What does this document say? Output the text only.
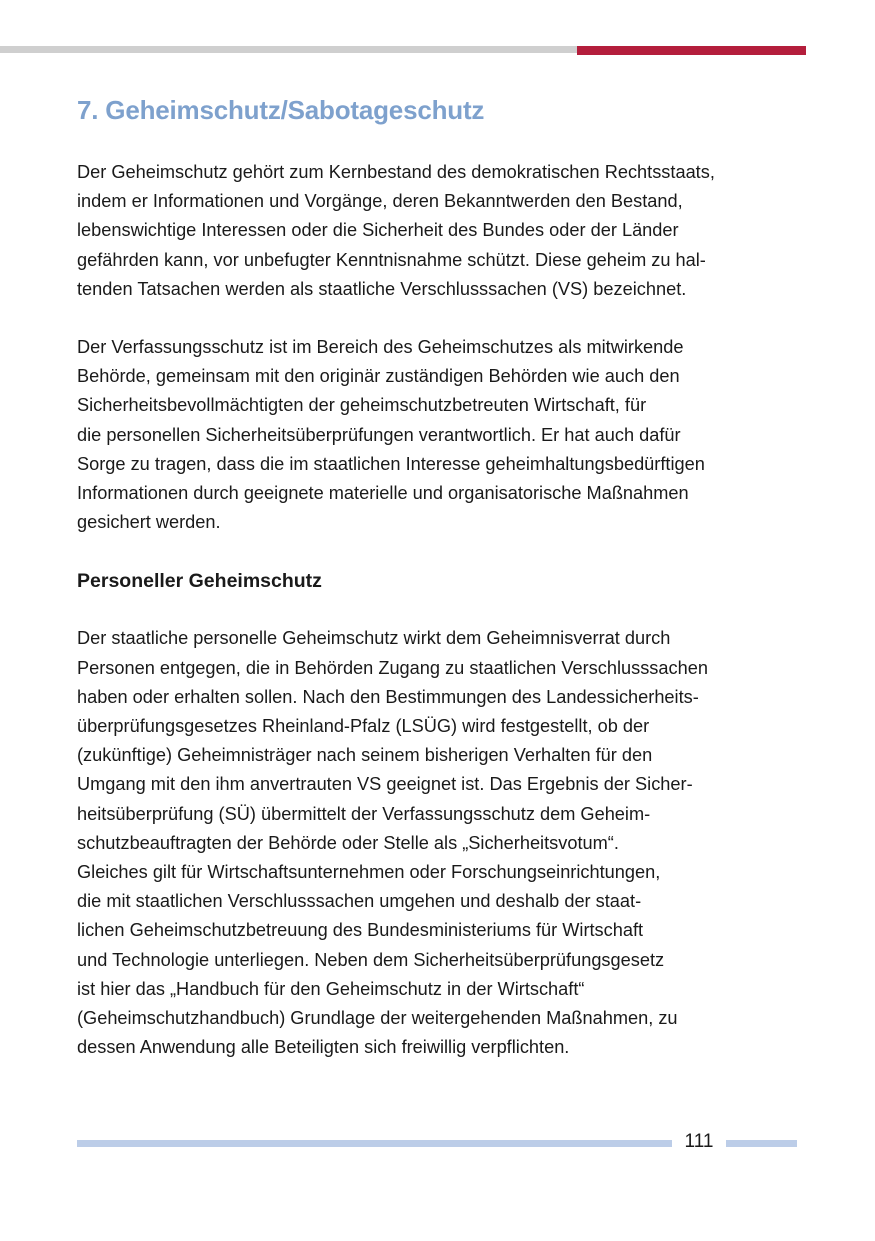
7. Geheimschutz/Sabotageschutz

Der Geheimschutz gehört zum Kernbestand des demokratischen Rechtsstaats,
indem er Informationen und Vorgänge, deren Bekanntwerden den Bestand,
lebenswichtige Interessen oder die Sicherheit des Bundes oder der Länder
gefährden kann, vor unbefugter Kenntnisnahme schützt. Diese geheim zu hal-
tenden Tatsachen werden als staatliche Verschlusssachen (VS) bezeichnet.

Der Verfassungsschutz ist im Bereich des Geheimschutzes als mitwirkende
Behörde, gemeinsam mit den originär zuständigen Behörden wie auch den
Sicherheitsbevollmächtigten der geheimschutzbetreuten Wirtschaft, für
die personellen Sicherheitsüberprüfungen verantwortlich. Er hat auch dafür
Sorge zu tragen, dass die im staatlichen Interesse geheimhaltungsbedürftigen
Informationen durch geeignete materielle und organisatorische Maßnahmen
gesichert werden.

Personeller Geheimschutz

Der staatliche personelle Geheimschutz wirkt dem Geheimnisverrat durch
Personen entgegen, die in Behörden Zugang zu staatlichen Verschlusssachen
haben oder erhalten sollen. Nach den Bestimmungen des Landessicherheits-
überprüfungsgesetzes Rheinland-Pfalz (LSÜG) wird festgestellt, ob der
(zukünftige) Geheimnisträger nach seinem bisherigen Verhalten für den
Umgang mit den ihm anvertrauten VS geeignet ist. Das Ergebnis der Sicher-
heitsüberprüfung (SÜ) übermittelt der Verfassungsschutz dem Geheim-
schutzbeauftragten der Behörde oder Stelle als „Sicherheitsvotum“.
Gleiches gilt für Wirtschaftsunternehmen oder Forschungseinrichtungen,
die mit staatlichen Verschlusssachen umgehen und deshalb der staat-
lichen Geheimschutzbetreuung des Bundesministeriums für Wirtschaft
und Technologie unterliegen. Neben dem Sicherheitsüberprüfungsgesetz
ist hier das „Handbuch für den Geheimschutz in der Wirtschaft“
(Geheimschutzhandbuch) Grundlage der weitergehenden Maßnahmen, zu
dessen Anwendung alle Beteiligten sich freiwillig verpflichten.

111
